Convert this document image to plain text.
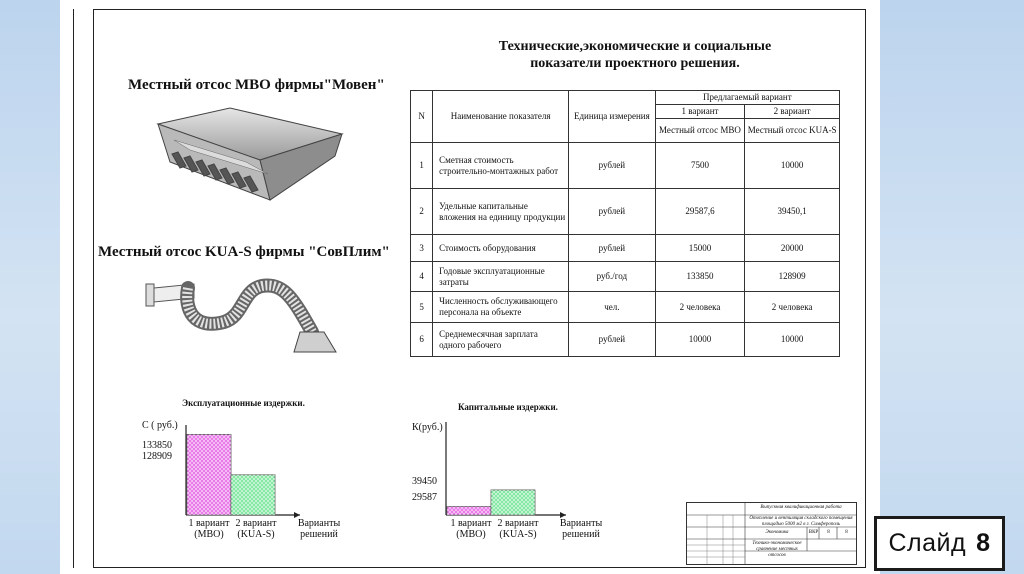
Технические,экономические и социальные
показатели проектного решения.
Местный отсос МВО фирмы"Мовен"
Местный отсос KUA-S фирмы "СовПлим"
N	Наименование показателя	Единица измерения	Предлагаемый вариант	
			1 вариант	2 вариант
			Местный отсос МВО	Местный отсос KUA-S
1	Сметная стоимость строительно-монтажных работ	рублей	7500	10000
2	Удельные капитальные вложения на единицу продукции	рублей	29587,6	39450,1
3	Стоимость оборудования	рублей	15000	20000
4	Годовые эксплуатационные затраты	руб./год	133850	128909
5	Численность обслуживающего персонала на объекте	чел.	2 человека	2 человека
6	Среднемесячная зарплата одного рабочего	рублей	10000	10000
Эксплуатационные издержки.
С ( руб.)
133850
128909
1 вариант
(МВО)
2 вариант
(KUA-S)
Варианты
решений
Капитальные издержки.
К(руб.)
39450
29587
1 вариант
(МВО)
2 вариант
(KUA-S)
Варианты
решений
Выпускная квалификационная работа
Отопление и вентиляция складского помещения площадью 5000 м2 в г. Симферополь
Экономика	ВКР	8	8
Технико-экономическое сравнение местных отсосов	Слайд 8
